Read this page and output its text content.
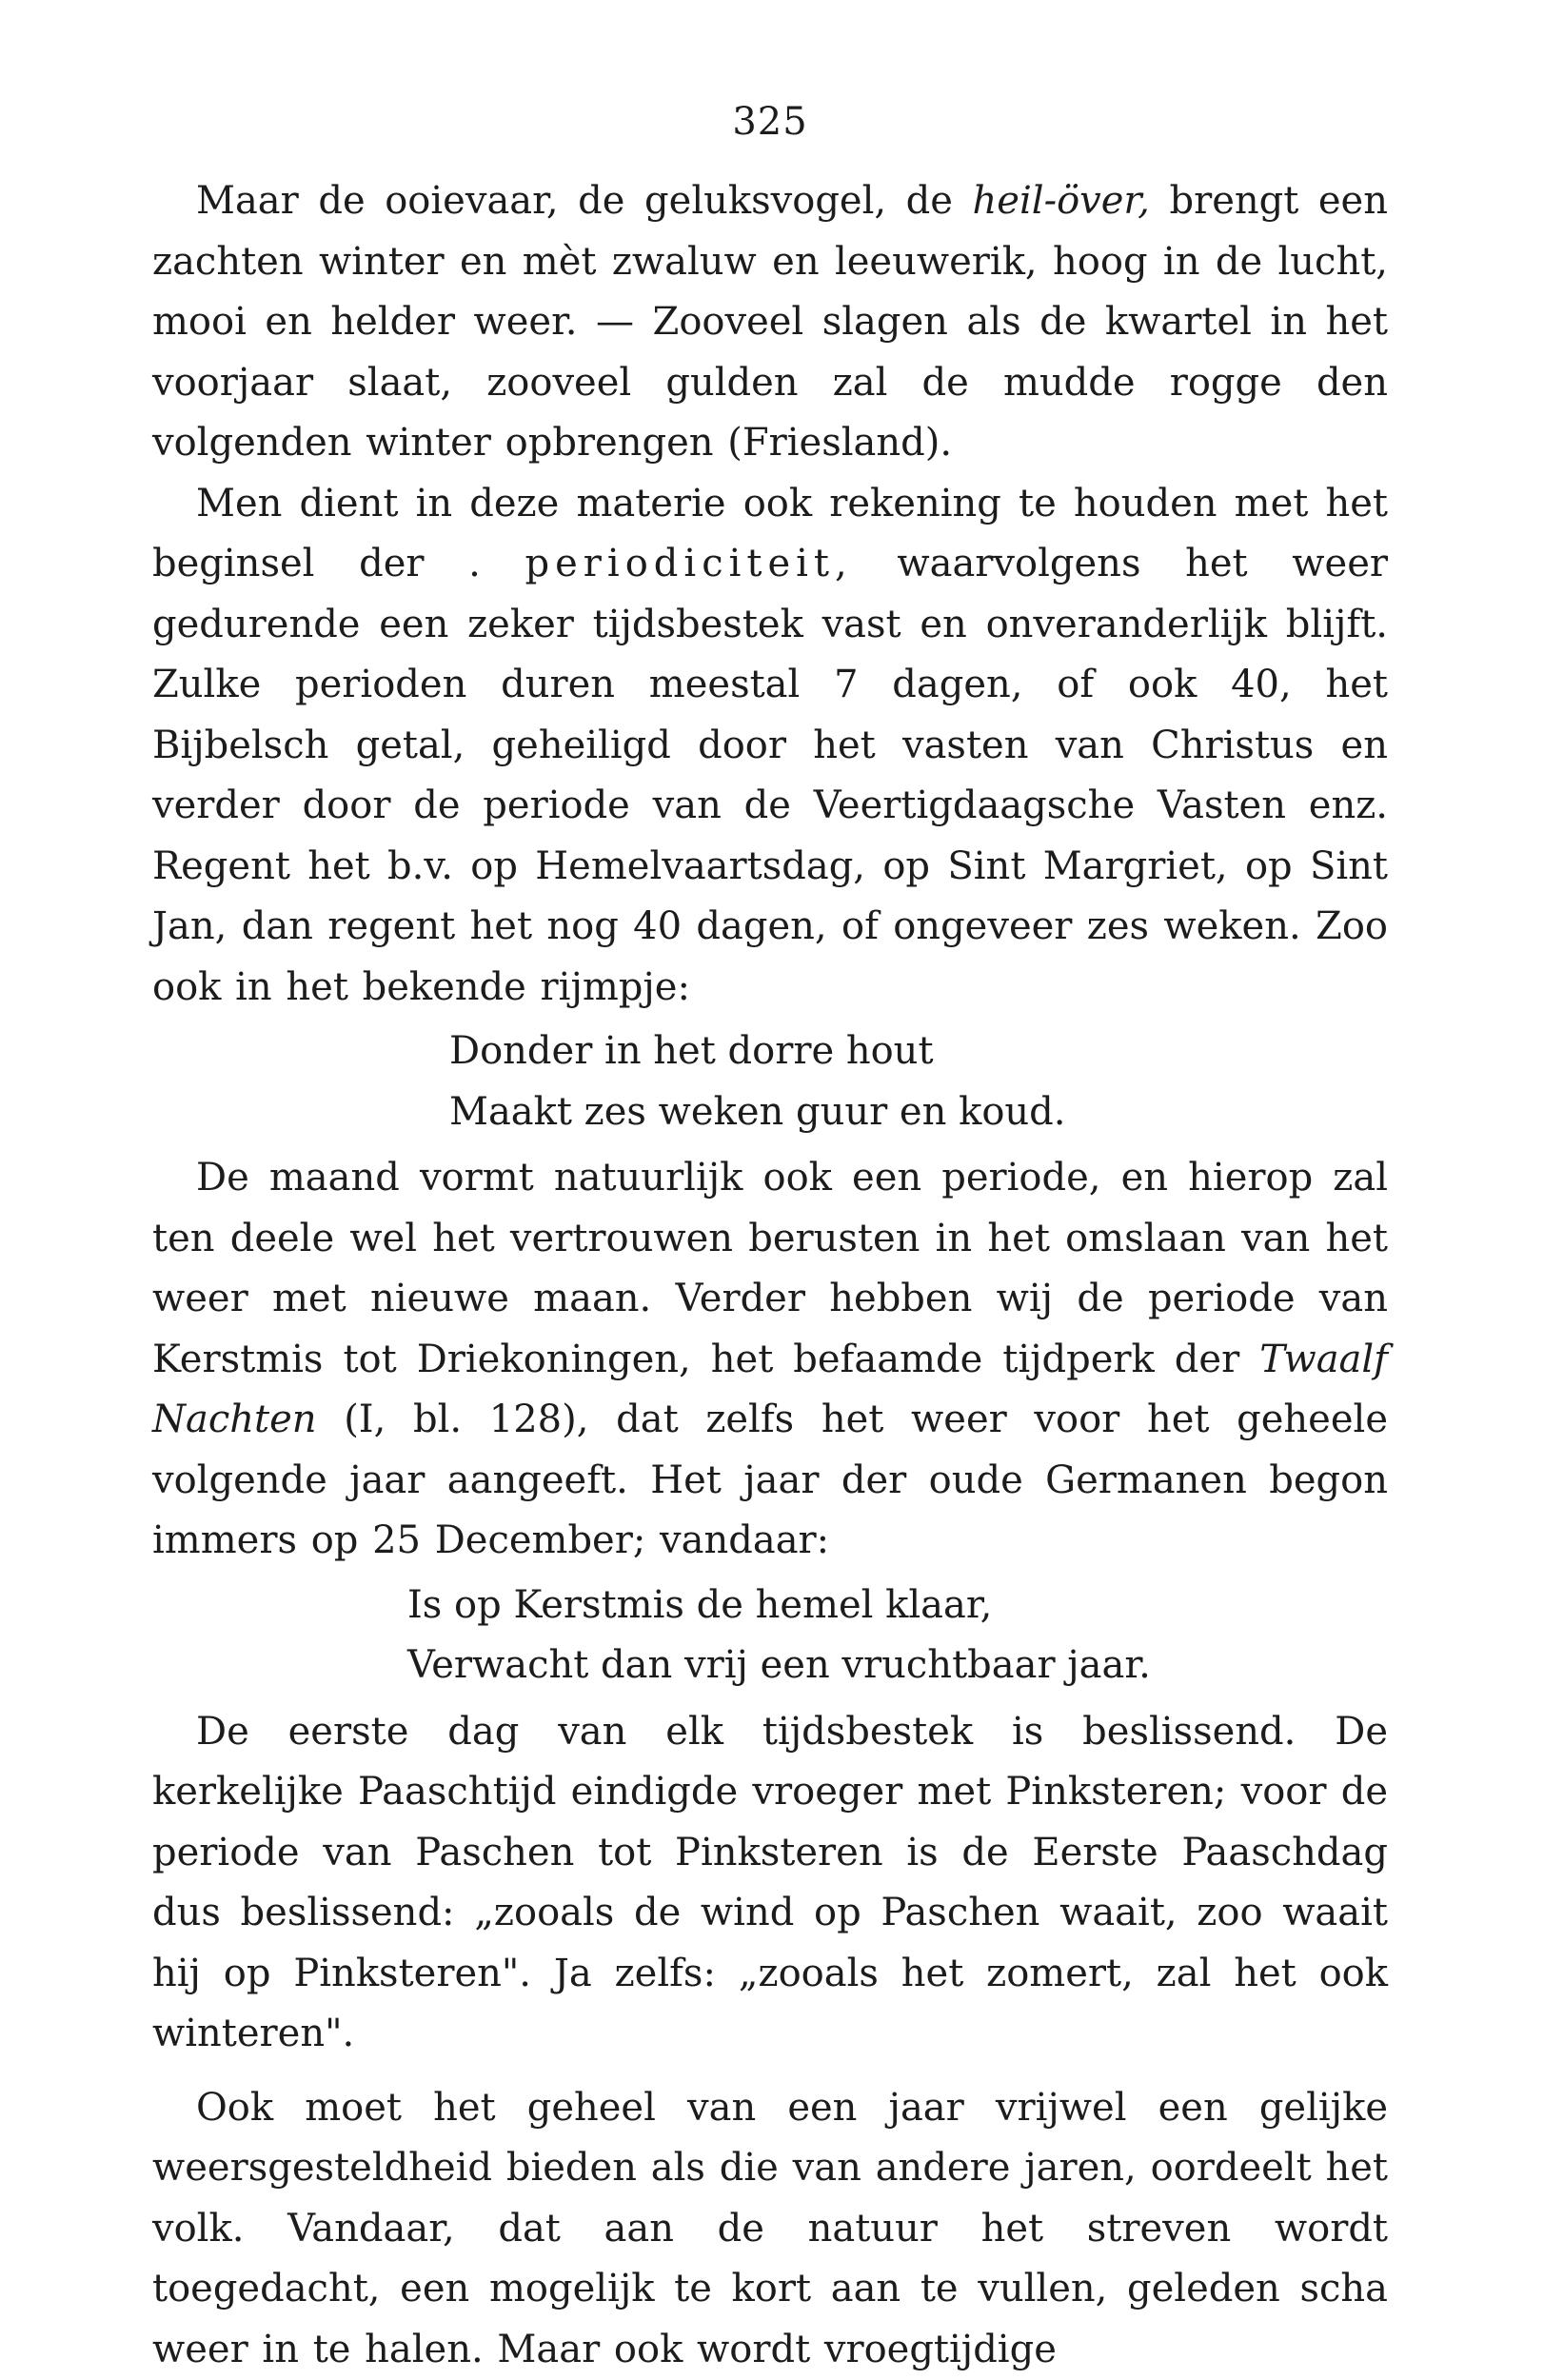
325

Maar de ooievaar, de geluksvogel, de heil-över, brengt een zachten winter en mèt zwaluw en leeuwerik, hoog in de lucht, mooi en helder weer. — Zooveel slagen als de kwartel in het voorjaar slaat, zooveel gulden zal de mudde rogge den volgenden winter opbrengen (Friesland).

Men dient in deze materie ook rekening te houden met het beginsel der . periodiciteit, waarvolgens het weer gedurende een zeker tijdsbestek vast en onveranderlijk blijft. Zulke perioden duren meestal 7 dagen, of ook 40, het Bijbelsch getal, geheiligd door het vasten van Christus en verder door de periode van de Veertigdaagsche Vasten enz. Regent het b.v. op Hemelvaartsdag, op Sint Margriet, op Sint Jan, dan regent het nog 40 dagen, of ongeveer zes weken. Zoo ook in het bekende rijmpje:

Donder in het dorre hout
Maakt zes weken guur en koud.

De maand vormt natuurlijk ook een periode, en hierop zal ten deele wel het vertrouwen berusten in het omslaan van het weer met nieuwe maan. Verder hebben wij de periode van Kerstmis tot Driekoningen, het befaamde tijdperk der Twaalf Nachten (I, bl. 128), dat zelfs het weer voor het geheele volgende jaar aangeeft. Het jaar der oude Germanen begon immers op 25 December; vandaar:

Is op Kerstmis de hemel klaar,
Verwacht dan vrij een vruchtbaar jaar.

De eerste dag van elk tijdsbestek is beslissend. De kerkelijke Paaschtijd eindigde vroeger met Pinksteren; voor de periode van Paschen tot Pinksteren is de Eerste Paaschdag dus beslissend: „zooals de wind op Paschen waait, zoo waait hij op Pinksteren". Ja zelfs: „zooals het zomert, zal het ook winteren".

Ook moet het geheel van een jaar vrijwel een gelijke weersgesteldheid bieden als die van andere jaren, oordeelt het volk. Vandaar, dat aan de natuur het streven wordt toegedacht, een mogelijk te kort aan te vullen, geleden scha weer in te halen. Maar ook wordt vroegtijdige
